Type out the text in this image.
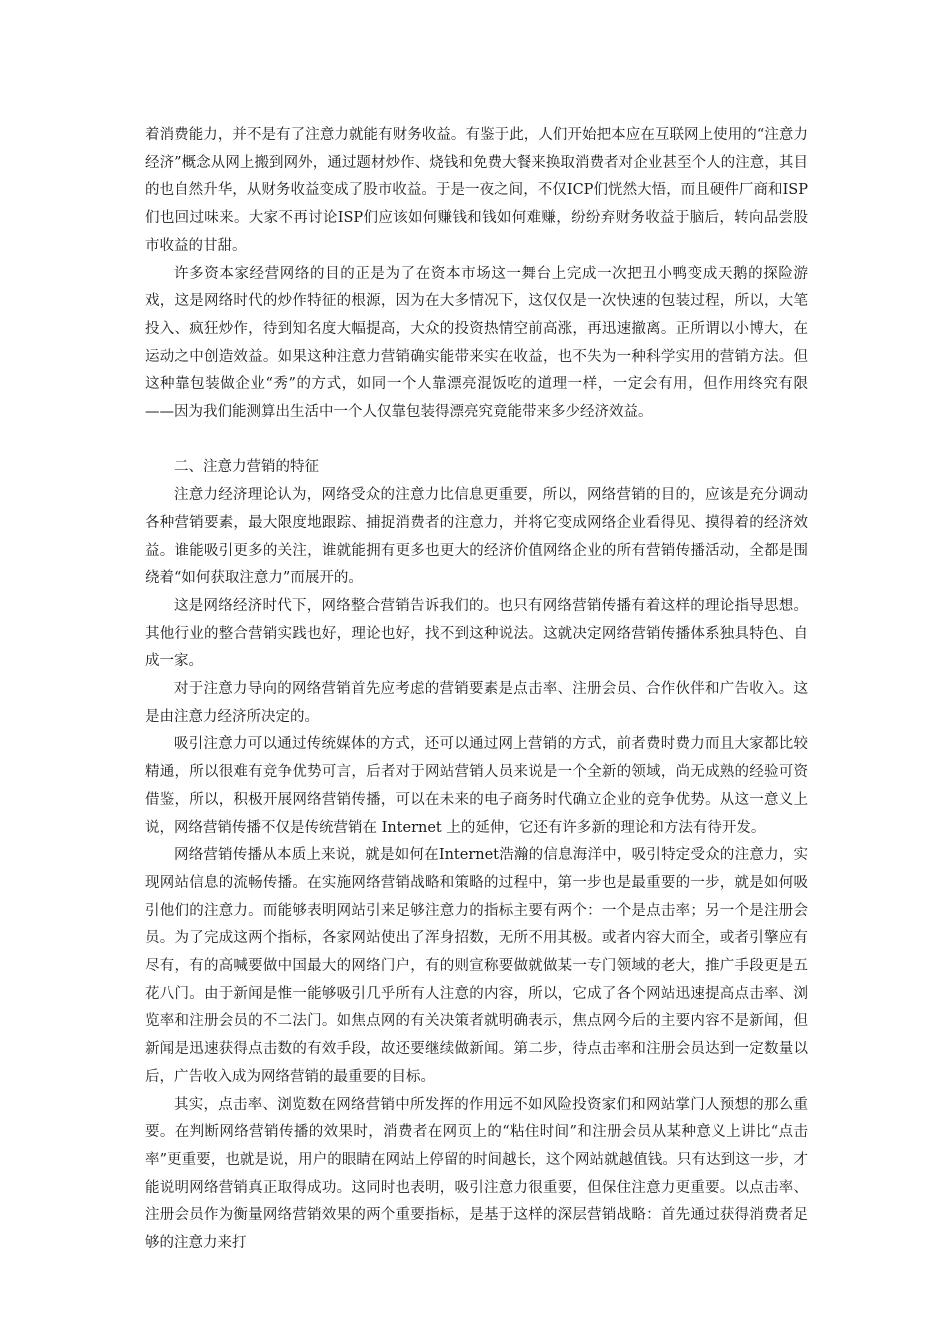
着消费能力，并不是有了注意力就能有财务收益。有鉴于此，人们开始把本应在互联网上使用的“注意力经济”概念从网上搬到网外，通过题材炒作、烧钱和免费大餐来换取消费者对企业甚至个人的注意，其目的也自然升华，从财务收益变成了股市收益。于是一夜之间，不仅ICP们恍然大悟，而且硬件厂商和ISP们也回过味来。大家不再讨论ISP们应该如何赚钱和钱如何难赚，纷纷弃财务收益于脑后，转向品尝股市收益的甘甜。

许多资本家经营网络的目的正是为了在资本市场这一舞台上完成一次把丑小鸭变成天鹅的探险游戏，这是网络时代的炒作特征的根源，因为在大多情况下，这仅仅是一次快速的包装过程，所以，大笔投入、疯狂炒作，待到知名度大幅提高，大众的投资热情空前高涨，再迅速撤离。正所谓以小博大，在运动之中创造效益。如果这种注意力营销确实能带来实在收益，也不失为一种科学实用的营销方法。但这种靠包装做企业“秀”的方式，如同一个人靠漂亮混饭吃的道理一样，一定会有用，但作用终究有限——因为我们能测算出生活中一个人仅靠包装得漂亮究竟能带来多少经济效益。

二、注意力营销的特征

注意力经济理论认为，网络受众的注意力比信息更重要，所以，网络营销的目的，应该是充分调动各种营销要素，最大限度地跟踪、捕捉消费者的注意力，并将它变成网络企业看得见、摸得着的经济效益。谁能吸引更多的关注，谁就能拥有更多也更大的经济价值网络企业的所有营销传播活动，全都是围绕着“如何获取注意力”而展开的。

这是网络经济时代下，网络整合营销告诉我们的。也只有网络营销传播有着这样的理论指导思想。其他行业的整合营销实践也好，理论也好，找不到这种说法。这就决定网络营销传播体系独具特色、自成一家。

对于注意力导向的网络营销首先应考虑的营销要素是点击率、注册会员、合作伙伴和广告收入。这是由注意力经济所决定的。

吸引注意力可以通过传统媒体的方式，还可以通过网上营销的方式，前者费时费力而且大家都比较精通，所以很难有竞争优势可言，后者对于网站营销人员来说是一个全新的领域，尚无成熟的经验可资借鉴，所以，积极开展网络营销传播，可以在未来的电子商务时代确立企业的竞争优势。从这一意义上说，网络营销传播不仅是传统营销在 Internet 上的延伸，它还有许多新的理论和方法有待开发。

网络营销传播从本质上来说，就是如何在Internet浩瀚的信息海洋中，吸引特定受众的注意力，实现网站信息的流畅传播。在实施网络营销战略和策略的过程中，第一步也是最重要的一步，就是如何吸引他们的注意力。而能够表明网站引来足够注意力的指标主要有两个：一个是点击率；另一个是注册会员。为了完成这两个指标，各家网站使出了浑身招数，无所不用其极。或者内容大而全，或者引擎应有尽有，有的高喊要做中国最大的网络门户，有的则宣称要做就做某一专门领域的老大，推广手段更是五花八门。由于新闻是惟一能够吸引几乎所有人注意的内容，所以，它成了各个网站迅速提高点击率、浏览率和注册会员的不二法门。如焦点网的有关决策者就明确表示，焦点网今后的主要内容不是新闻，但新闻是迅速获得点击数的有效手段，故还要继续做新闻。第二步，待点击率和注册会员达到一定数量以后，广告收入成为网络营销的最重要的目标。

其实，点击率、浏览数在网络营销中所发挥的作用远不如风险投资家们和网站掌门人预想的那么重要。在判断网络营销传播的效果时，消费者在网页上的“粘住时间”和注册会员从某种意义上讲比“点击率”更重要，也就是说，用户的眼睛在网站上停留的时间越长，这个网站就越值钱。只有达到这一步，才能说明网络营销真正取得成功。这同时也表明，吸引注意力很重要，但保住注意力更重要。以点击率、注册会员作为衡量网络营销效果的两个重要指标，是基于这样的深层营销战略：首先通过获得消费者足够的注意力来打
